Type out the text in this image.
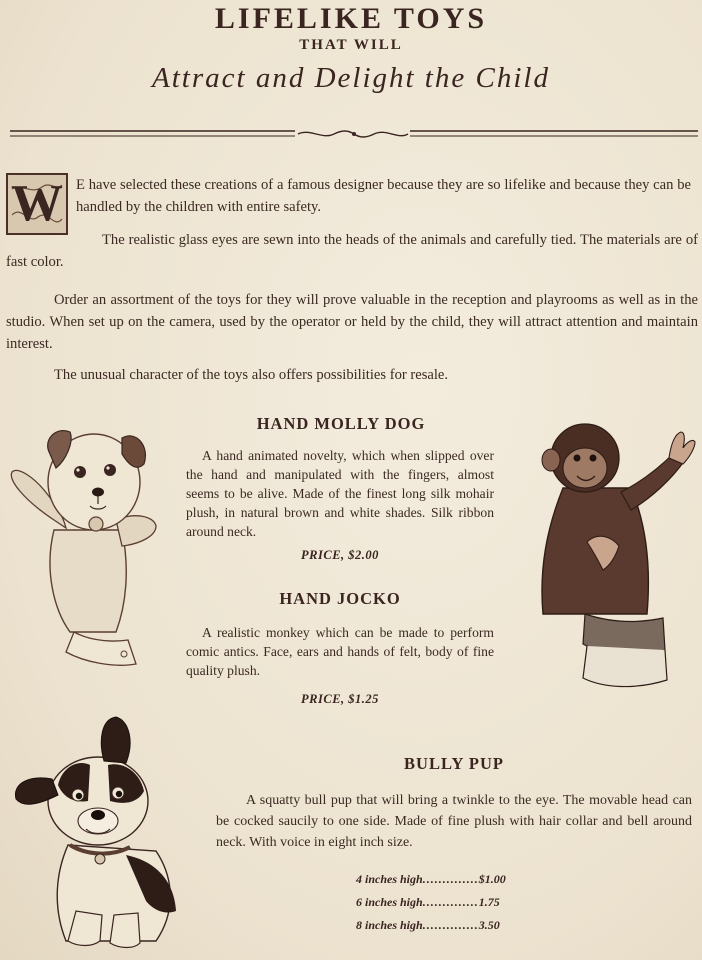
LIFELIKE TOYS
THAT WILL
Attract and Delight the Child
W E have selected these creations of a famous designer because they are so lifelike and because they can be handled by the children with entire safety.

The realistic glass eyes are sewn into the heads of the animals and carefully tied. The materials are of fast color.

Order an assortment of the toys for they will prove valuable in the reception and playrooms as well as in the studio. When set up on the camera, used by the operator or held by the child, they will attract attention and maintain interest.

The unusual character of the toys also offers possibilities for resale.

HAND MOLLY DOG
A hand animated novelty, which when slipped over the hand and manipulated with the fingers, almost seems to be alive. Made of the finest long silk mohair plush, in natural brown and white shades. Silk ribbon around neck.
PRICE, $2.00
HAND JOCKO
A realistic monkey which can be made to perform comic antics. Face, ears and hands of felt, body of fine quality plush.
PRICE, $1.25
BULLY PUP
A squatty bull pup that will bring a twinkle to the eye. The movable head can be cocked saucily to one side. Made of fine plush with hair collar and bell around neck. With voice in eight inch size.
4 inches high..............$1.00
6 inches high..............1.75
8 inches high..............3.50
